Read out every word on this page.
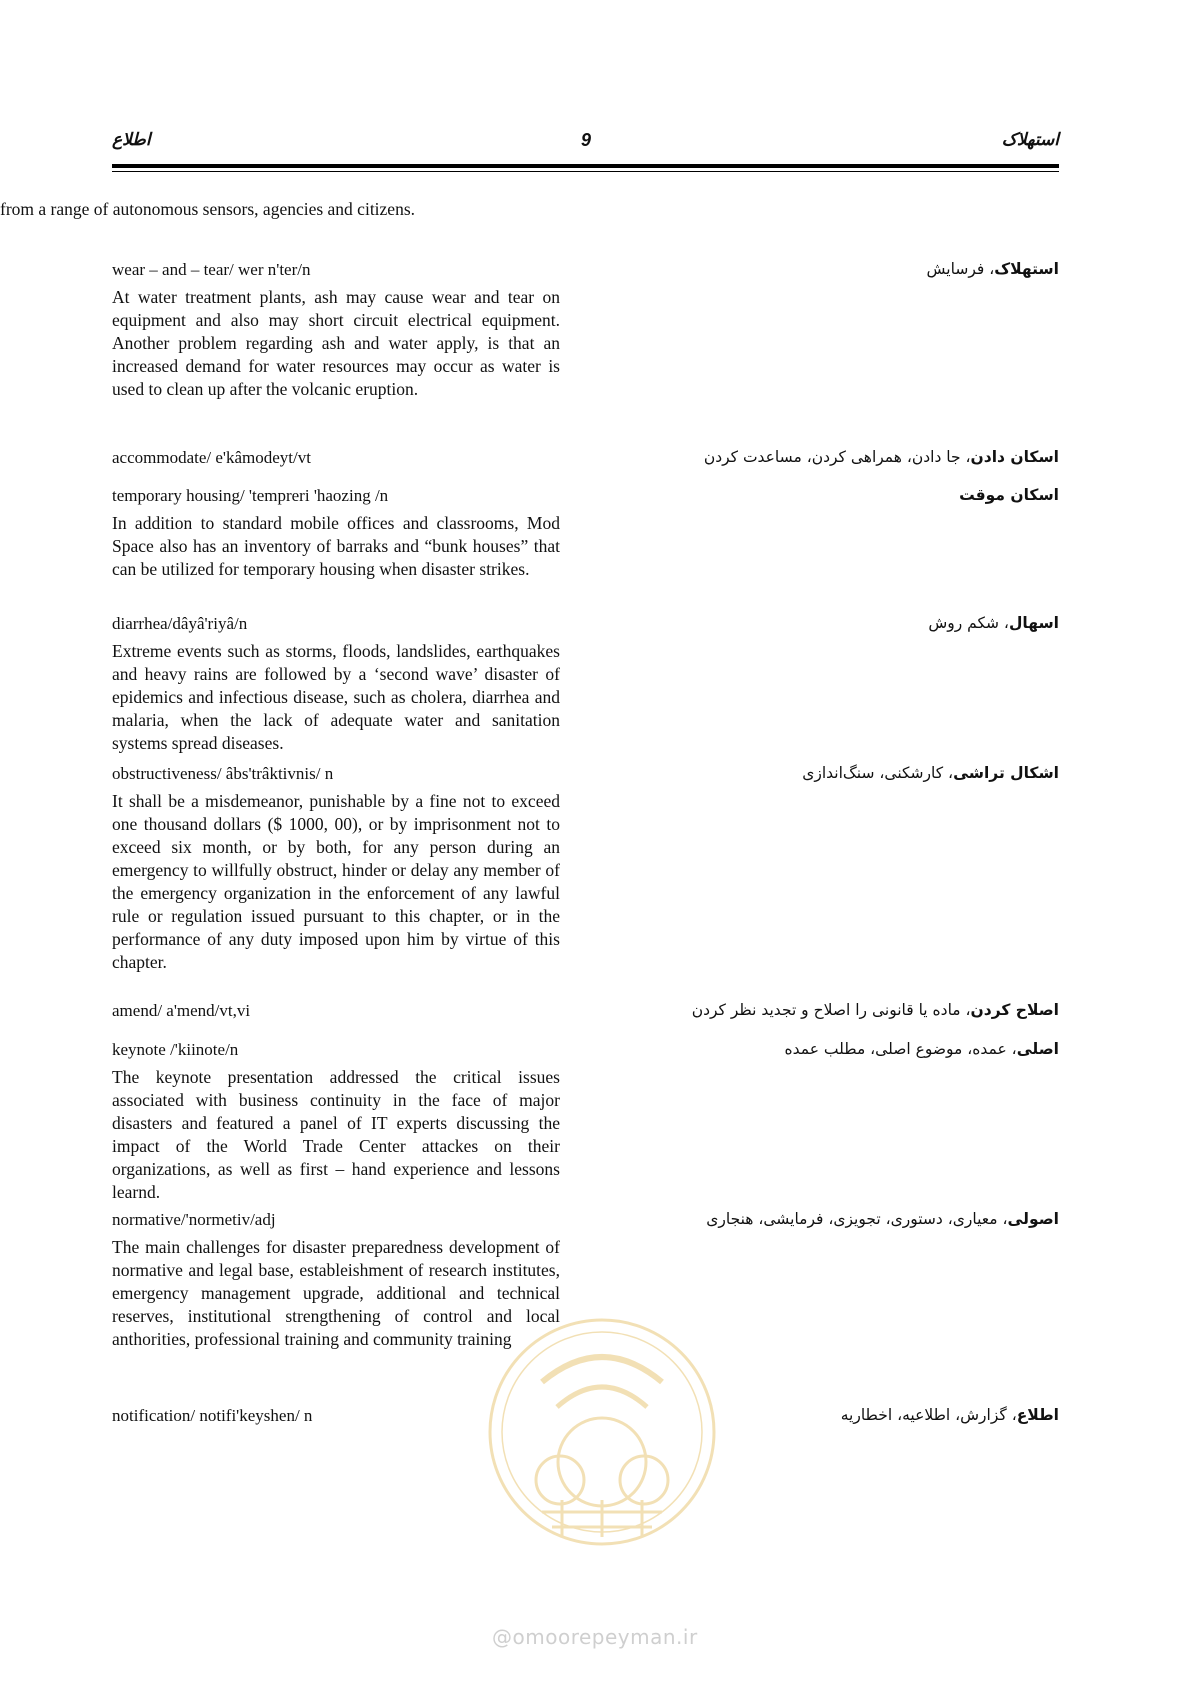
استهلاک
9
اطلاع
from a range of autonomous sensors, agencies and citizens.
wear – and – tear/ wer n'ter/n	استهلاک، فرسایش
At water treatment plants, ash may cause wear and tear on equipment and also may short circuit electrical equipment. Another problem regarding ash and water apply, is that an increased demand for water resources may occur as water is used to clean up after the volcanic eruption.
accommodate/ e'kâmodeyt/vt	اسکان دادن، جا دادن، همراهی کردن، مساعدت کردن
temporary housing/ 'tempreri 'haozing /n	اسکان موقت
In addition to standard mobile offices and classrooms, Mod Space also has an inventory of barraks and “bunk houses” that can be utilized for temporary housing when disaster strikes.
diarrhea/dâyâ'riyâ/n	اسهال، شکم روش
Extreme events such as storms, floods, landslides, earthquakes and heavy rains are followed by a ‘second wave’ disaster of epidemics and infectious disease, such as cholera, diarrhea and malaria, when the lack of adequate water and sanitation systems spread diseases.
obstructiveness/ âbs'trâktivnis/ n	اشکال تراشی، کارشکنی، سنگ‌اندازی
It shall be a misdemeanor, punishable by a fine not to exceed one thousand dollars ($ 1000, 00), or by imprisonment not to exceed six month, or by both, for any person during an emergency to willfully obstruct, hinder or delay any member of the emergency organization in the enforcement of any lawful rule or regulation issued pursuant to this chapter, or in the performance of any duty imposed upon him by virtue of this chapter.
amend/ a'mend/vt,vi	اصلاح کردن، ماده یا قانونی را اصلاح و تجدید نظر کردن
keynote /'kiinote/n	اصلی، عمده، موضوع اصلی، مطلب عمده
The keynote presentation addressed the critical issues associated with business continuity in the face of major disasters and featured a panel of IT experts discussing the impact of the World Trade Center attackes on their organizations, as well as first – hand experience and lessons learnd.
normative/'normetiv/adj	اصولی، معیاری، دستوری، تجویزی، فرمایشی، هنجاری
The main challenges for disaster preparedness development of normative and legal base, estableishment of research institutes, emergency management upgrade, additional and technical reserves, institutional strengthening of control and local anthorities, professional training and community training
notification/ notifi'keyshen/ n	اطلاع، گزارش، اطلاعیه، اخطاریه
@omoorepeyman.ir
